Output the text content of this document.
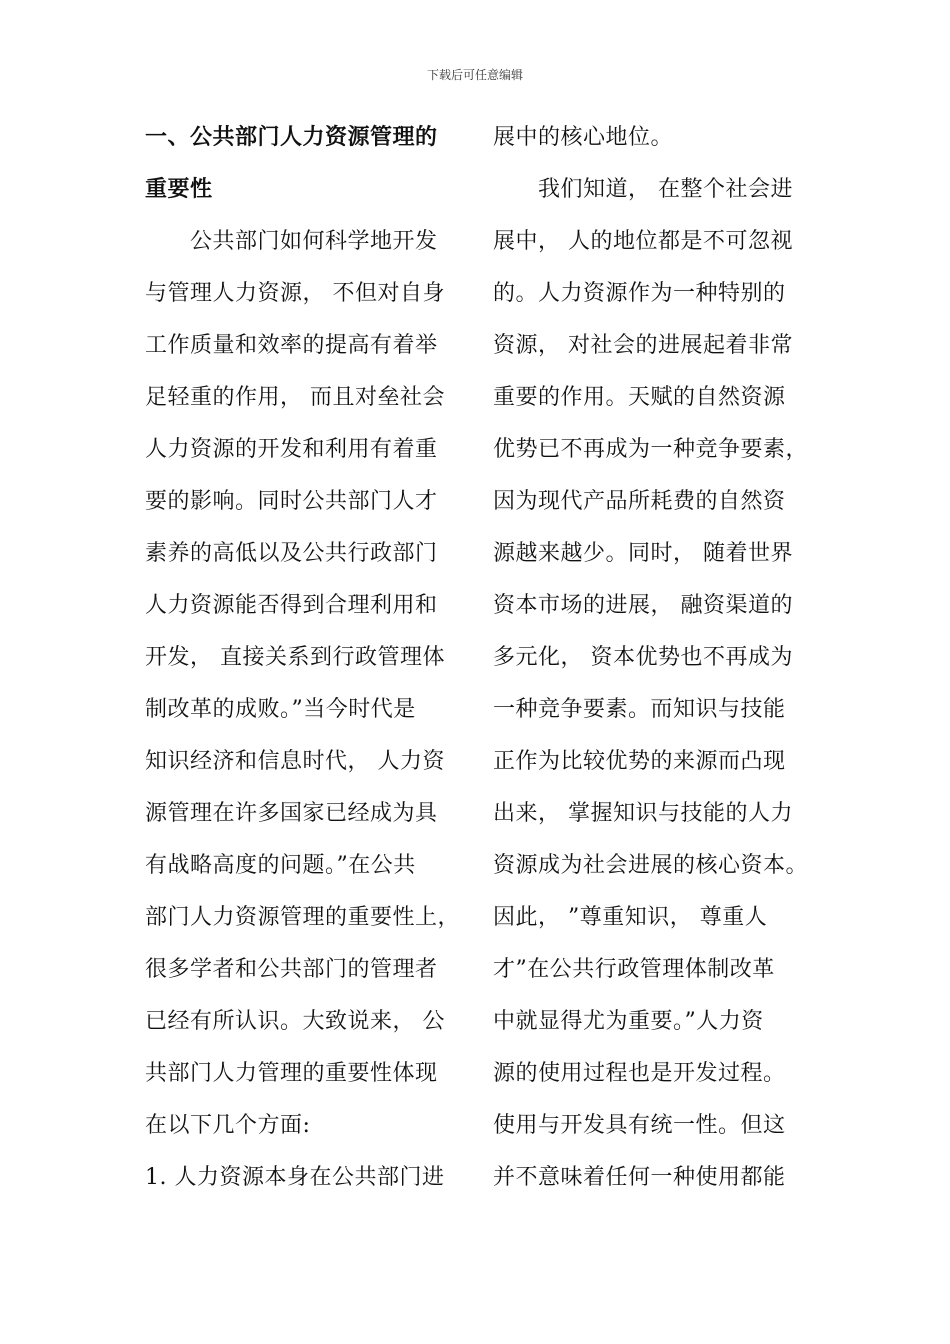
下载后可任意编辑
一、公共部门人力资源管理的
重要性
　　公共部门如何科学地开发
与管理人力资源， 不但对自身
工作质量和效率的提高有着举
足轻重的作用， 而且对垒社会
人力资源的开发和利用有着重
要的影响。同时公共部门人才
素养的高低以及公共行政部门
人力资源能否得到合理利用和
开发， 直接关系到行政管理体
制改革的成败。”当今时代是
知识经济和信息时代， 人力资
源管理在许多国家已经成为具
有战略高度的问题。”在公共
部门人力资源管理的重要性上，
很多学者和公共部门的管理者
已经有所认识。大致说来， 公
共部门人力管理的重要性体现
在以下几个方面:
1. 人力资源本身在公共部门进
展中的核心地位。
　　我们知道， 在整个社会进
展中， 人的地位都是不可忽视
的。人力资源作为一种特别的
资源， 对社会的进展起着非常
重要的作用。天赋的自然资源
优势已不再成为一种竞争要素，
因为现代产品所耗费的自然资
源越来越少。同时， 随着世界
资本市场的进展， 融资渠道的
多元化， 资本优势也不再成为
一种竞争要素。而知识与技能
正作为比较优势的来源而凸现
出来， 掌握知识与技能的人力
资源成为社会进展的核心资本。
因此， ”尊重知识， 尊重人
才”在公共行政管理体制改革
中就显得尤为重要。”人力资
源的使用过程也是开发过程。
使用与开发具有统一性。但这
并不意味着任何一种使用都能
